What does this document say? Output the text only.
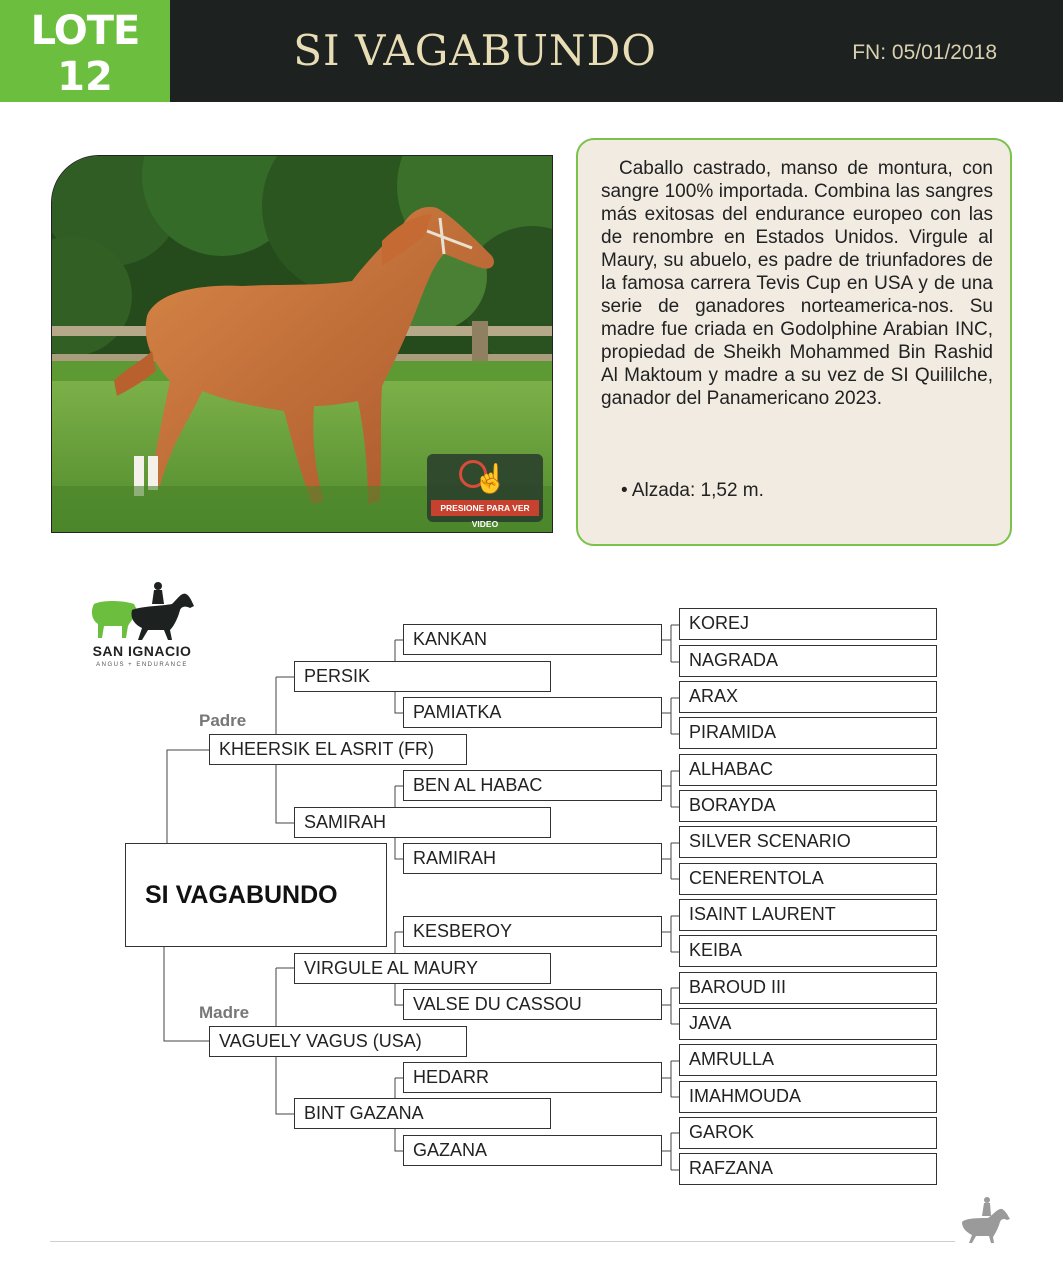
LOTE
12
SI VAGABUNDO	FN: 05/01/2018
☝
PRESIONE PARA VER VIDEO

Caballo castrado, manso de montura, con sangre 100% importada. Combina las sangres más exitosas del endurance europeo con las de renombre en Estados Unidos. Virgule al Maury, su abuelo, es padre de triunfadores de la famosa carrera Tevis Cup en USA y de una serie de ganadores norteamerica-nos. Su madre fue criada en Godolphine Arabian INC, propiedad de Sheikh Mohammed Bin Rashid Al Maktoum y madre a su vez de SI Quililche, ganador del Panamericano 2023.

• Alzada: 1,52 m.
SAN IGNACIO
ANGUS + ENDURANCE
Padre
Madre
SI VAGABUNDO
KHEERSIK EL ASRIT (FR)
VAGUELY VAGUS (USA)
PERSIK
SAMIRAH
VIRGULE AL MAURY
BINT GAZANA
KANKAN
PAMIATKA
BEN AL HABAC
RAMIRAH
KESBEROY
VALSE DU CASSOU
HEDARR
GAZANA
KOREJ
NAGRADA
ARAX
PIRAMIDA
ALHABAC
BORAYDA
SILVER SCENARIO
CENERENTOLA
ISAINT LAURENT
KEIBA
BAROUD III
JAVA
AMRULLA
IMAHMOUDA
GAROK
RAFZANA
